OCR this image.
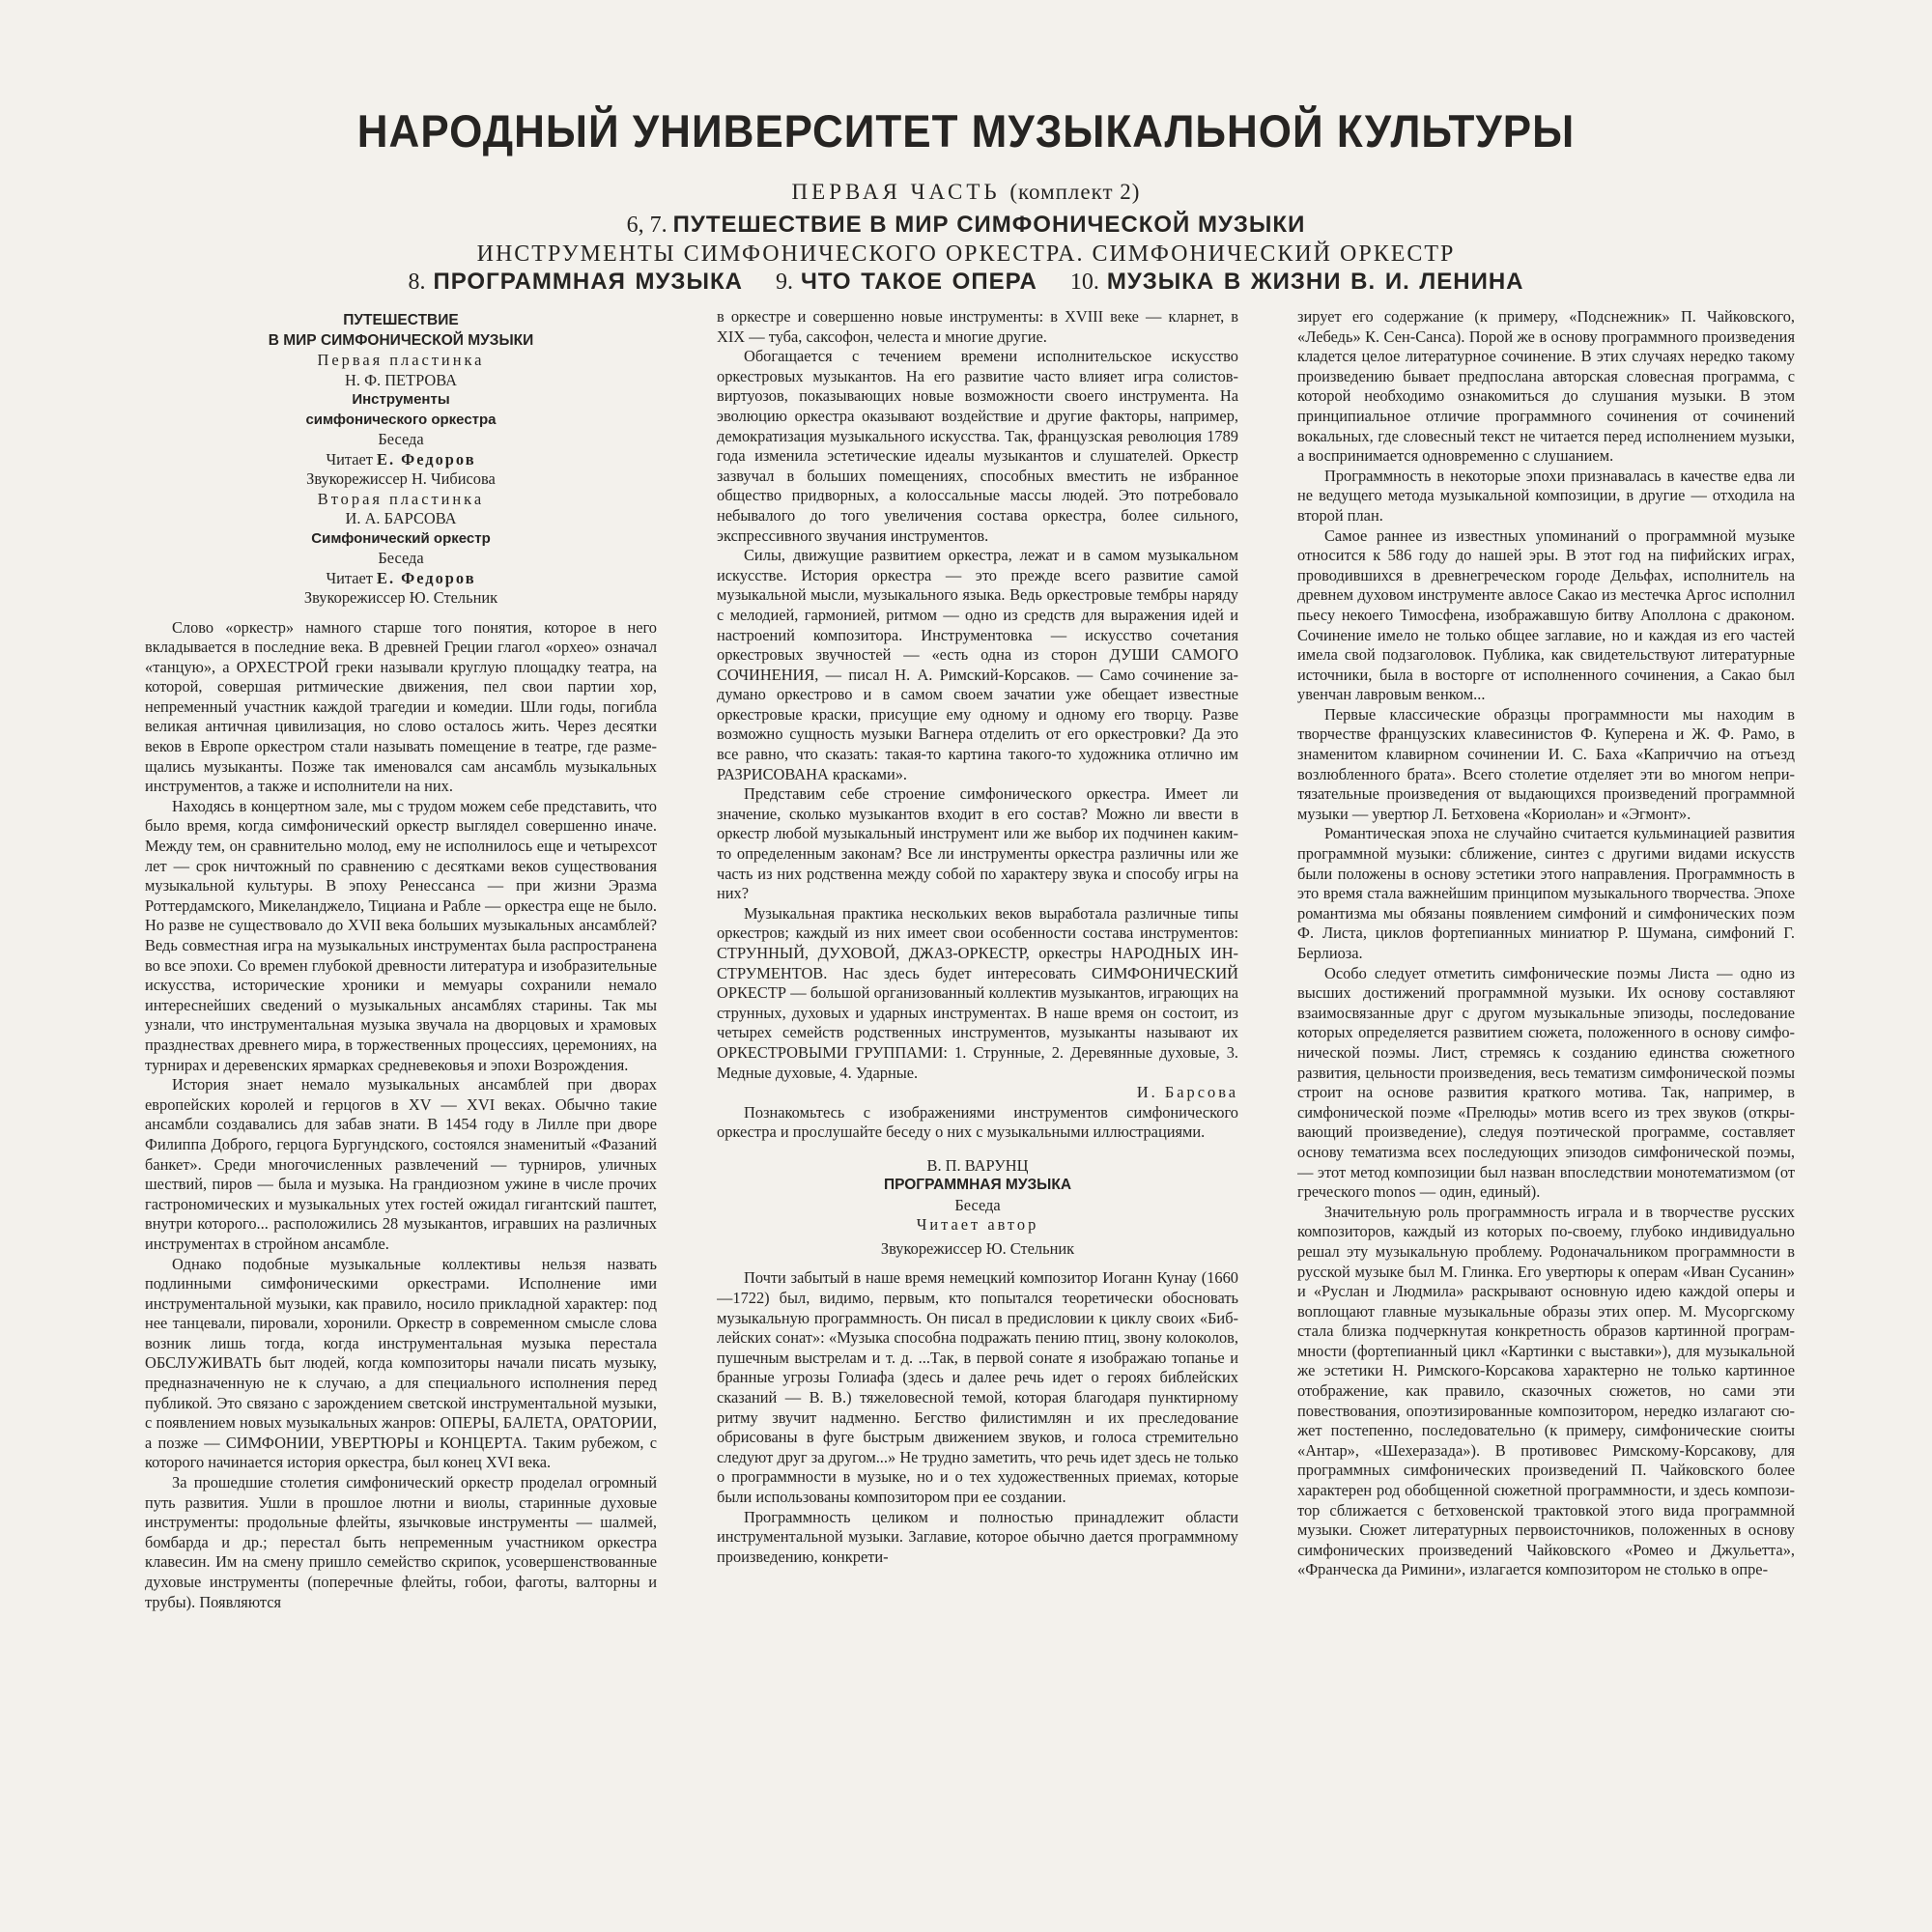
НАРОДНЫЙ УНИВЕРСИТЕТ МУЗЫКАЛЬНОЙ КУЛЬТУРЫ
ПЕРВАЯ ЧАСТЬ (комплект 2)
6, 7. ПУТЕШЕСТВИЕ В МИР СИМФОНИЧЕСКОЙ МУЗЫКИ
ИНСТРУМЕНТЫ СИМФОНИЧЕСКОГО ОРКЕСТРА. СИМФОНИЧЕСКИЙ ОРКЕСТР
8. ПРОГРАММНАЯ МУЗЫКА 9. ЧТО ТАКОЕ ОПЕРА 10. МУЗЫКА В ЖИЗНИ В. И. ЛЕНИНА
ПУТЕШЕСТВИЕ
В МИР СИМФОНИЧЕСКОЙ МУЗЫКИ
Первая пластинка
Н. Ф. ПЕТРОВА
Инструменты
симфонического оркестра
Беседа
Читает Е. Федоров
Звукорежиссер Н. Чибисова
Вторая пластинка
И. А. БАРСОВА
Симфонический оркестр
Беседа
Читает Е. Федоров
Звукорежиссер Ю. Стельник

Слово «оркестр» намного старше того понятия, которое в него вкладывается в последние века. В древней Греции глагол «орхео» означал «танцую», а ОРХЕСТРОЙ греки называли круглую площадку театра, на которой, совершая ритмические движения, пел свои партии хор, непременный участник каждой трагедии и комедии. Шли годы, погибла великая античная цивилизация, но слово осталось жить. Через десятки веков в Европе оркестром стали называть помещение в театре, где размещались музыканты. Позже так именовался сам ансамбль музыкальных инструментов, а также и исполнители на них.

Находясь в концертном зале, мы с трудом можем себе представить, что было время, когда симфонический оркестр выглядел совершенно иначе. Между тем, он сравнительно молод, ему не исполнилось еще и четырехсот лет — срок ничтожный по сравнению с десятками веков существования музыкальной культуры. В эпоху Ренессанса — при жизни Эразма Роттердамского, Микеланджело, Тициана и Рабле — оркестра еще не было. Но разве не существовало до XVII века больших музыкальных ансамблей? Ведь совместная игра на музыкальных инструментах была распространена во все эпохи. Со времен глубокой древности литература и изобразительные искусства, исторические хроники и мемуары сохранили немало интереснейших сведений о музыкальных ансамблях старины. Так мы узнали, что инструментальная музыка звучала на дворцовых и храмовых празднествах древнего мира, в торжественных процессиях, церемониях, на турнирах и деревенских ярмарках средневековья и эпохи Возрождения.

История знает немало музыкальных ансамблей при дворах европейских королей и герцогов в XV — XVI веках. Обычно такие ансамбли создавались для забав знати. В 1454 году в Лилле при дворе Филиппа Доброго, герцога Бургундского, состоялся знаменитый «Фазаний банкет». Среди многочисленных развлечений — турниров, уличных шествий, пиров — была и музыка. На грандиозном ужине в числе прочих гастрономических и музыкальных утех гостей ожидал гигантский паштет, внутри которого... расположились 28 музыкантов, игравших на различных инструментах в стройном ансамбле.

Однако подобные музыкальные коллективы нельзя назвать подлинными симфоническими оркестрами. Исполнение ими инструментальной музыки, как правило, носило прикладной характер: под нее танцевали, пировали, хоронили. Оркестр в современном смысле слова возник лишь тогда, когда инструментальная музыка перестала ОБСЛУЖИВАТЬ быт людей, когда композиторы начали писать музыку, предназначенную не к случаю, а для специального исполнения перед публикой. Это связано с зарождением светской инструментальной музыки, с появлением новых музыкальных жанров: ОПЕРЫ, БАЛЕТА, ОРАТОРИИ, а позже — СИМФОНИИ, УВЕРТЮРЫ и КОНЦЕРТА. Таким рубежом, с которого начинается история оркестра, был конец XVI века.

За прошедшие столетия симфонический оркестр проделал огромный путь развития. Ушли в прошлое лютни и виолы, старинные духовые инструменты: продольные флейты, язычковые инструменты — шалмей, бомбарда и др.; перестал быть непременным участником оркестра клавесин. Им на смену пришло семейство скрипок, усовершенствованные духовые инструменты (поперечные флейты, гобои, фаготы, валторны и трубы). Появляются

в оркестре и совершенно новые инструменты: в XVIII веке — кларнет, в XIX — туба, саксофон, челеста и многие другие.

Обогащается с течением времени исполнительское искусство оркестровых музыкантов. На его развитие часто влияет игра солистов-виртуозов, показывающих новые возможности своего инструмента. На эволюцию оркестра оказывают воздействие и другие факторы, например, демократизация музыкального искусства. Так, французская революция 1789 года изменила эстетические идеалы музыкантов и слушателей. Оркестр зазвучал в больших помещениях, способных вместить не избранное общество придворных, а колоссальные массы людей. Это потребовало небывалого до того увеличения состава оркестра, более сильного, экспрессивного звучания инструментов.

Силы, движущие развитием оркестра, лежат и в самом музыкальном искусстве. История оркестра — это прежде всего развитие самой музыкальной мысли, музыкального языка. Ведь оркестровые тембры наряду с мелодией, гармонией, ритмом — одно из средств для выражения идей и настроений композитора. Инструментовка — искусство сочетания оркестровых звучностей — «есть одна из сторон ДУШИ САМОГО СОЧИНЕНИЯ, — писал Н. А. Римский-Корсаков. — Само сочинение задумано оркестрово и в самом своем зачатии уже обещает известные оркестровые краски, присущие ему одному и одному его творцу. Разве возможно сущность музыки Вагнера отделить от его оркестровки? Да это все равно, что сказать: такая-то картина такого-то художника отлично им РАЗРИСОВАНА красками».

Представим себе строение симфонического оркестра. Имеет ли значение, сколько музыкантов входит в его состав? Можно ли ввести в оркестр любой музыкальный инструмент или же выбор их подчинен каким-то определенным законам? Все ли инструменты оркестра различны или же часть из них родственна между собой по характеру звука и способу игры на них?

Музыкальная практика нескольких веков выработала различные типы оркестров; каждый из них имеет свои особенности состава инструментов: СТРУННЫЙ, ДУХОВОЙ, ДЖАЗ-ОРКЕСТР, оркестры НАРОДНЫХ ИНСТРУМЕНТОВ. Нас здесь будет интересовать СИМФОНИЧЕСКИЙ ОРКЕСТР — большой организованный коллектив музыкантов, играющих на струнных, духовых и ударных инструментах. В наше время он состоит, из четырех семейств родственных инструментов, музыканты называют их ОРКЕСТРОВЫМИ ГРУППАМИ: 1. Струнные, 2. Деревянные духовые, 3. Медные духовые, 4. Ударные.

И. Барсова

Познакомьтесь с изображениями инструментов симфонического оркестра и прослушайте беседу о них с музыкальными иллюстрациями.

В. П. ВАРУНЦ
ПРОГРАММНАЯ МУЗЫКА
Беседа
Читает автор
Звукорежиссер Ю. Стельник

Почти забытый в наше время немецкий композитор Иоганн Кунау (1660—1722) был, видимо, первым, кто попытался теоретически обосновать музыкальную программность. Он писал в предисловии к циклу своих «Библейских сонат»: «Музыка способна подражать пению птиц, звону колоколов, пушечным выстрелам и т. д. ...Так, в первой сонате я изображаю топанье и бранные угрозы Голиафа (здесь и далее речь идет о героях библейских сказаний — В. В.) тяжеловесной темой, которая благодаря пунктирному ритму звучит надменно. Бегство филистимлян и их преследование обрисованы в фуге быстрым движением звуков, и голоса стремительно следуют друг за другом...» Не трудно заметить, что речь идет здесь не только о программности в музыке, но и о тех художественных приемах, которые были использованы композитором при ее создании.

Программность целиком и полностью принадлежит области инструментальной музыки. Заглавие, которое обычно дается программному произведению, конкрети-

зирует его содержание (к примеру, «Подснежник» П. Чайковского, «Лебедь» К. Сен-Санса). Порой же в основу программного произведения кладется целое литературное сочинение. В этих случаях нередко такому произведению бывает предпослана авторская словесная программа, с которой необходимо ознакомиться до слушания музыки. В этом принципиальное отличие программного сочинения от сочинений вокальных, где словесный текст не читается перед исполнением музыки, а воспринимается одновременно с слушанием.

Программность в некоторые эпохи признавалась в качестве едва ли не ведущего метода музыкальной композиции, в другие — отходила на второй план.

Самое раннее из известных упоминаний о программной музыке относится к 586 году до нашей эры. В этот год на пифийских играх, проводившихся в древнегреческом городе Дельфах, исполнитель на древнем духовом инструменте авлосе Сакао из местечка Аргос исполнил пьесу некоего Тимосфена, изображавшую битву Аполлона с драконом. Сочинение имело не только общее заглавие, но и каждая из его частей имела свой подзаголовок. Публика, как свидетельствуют литературные источники, была в восторге от исполненного сочинения, а Сакао был увенчан лавровым венком...

Первые классические образцы программности мы находим в творчестве французских клавесинистов Ф. Куперена и Ж. Ф. Рамо, в знаменитом клавирном сочинении И. С. Баха «Каприччио на отъезд возлюбленного брата». Всего столетие отделяет эти во многом непритязательные произведения от выдающихся произведений программной музыки — увертюр Л. Бетховена «Кориолан» и «Эгмонт».

Романтическая эпоха не случайно считается кульминацией развития программной музыки: сближение, синтез с другими видами искусств были положены в основу эстетики этого направления. Программность в это время стала важнейшим принципом музыкального творчества. Эпохе романтизма мы обязаны появлением симфоний и симфонических поэм Ф. Листа, циклов фортепианных миниатюр Р. Шумана, симфоний Г. Берлиоза.

Особо следует отметить симфонические поэмы Листа — одно из высших достижений программной музыки. Их основу составляют взаимосвязанные друг с другом музыкальные эпизоды, последование которых определяется развитием сюжета, положенного в основу симфонической поэмы. Лист, стремясь к созданию единства сюжетного развития, цельности произведения, весь тематизм симфонической поэмы строит на основе развития краткого мотива. Так, например, в симфонической поэме «Прелюды» мотив всего из трех звуков (открывающий произведение), следуя поэтической программе, составляет основу тематизма всех последующих эпизодов симфонической поэмы, — этот метод композиции был назван впоследствии монотематизмом (от греческого monos — один, единый).

Значительную роль программность играла и в творчестве русских композиторов, каждый из которых по-своему, глубоко индивидуально решал эту музыкальную проблему. Родоначальником программности в русской музыке был М. Глинка. Его увертюры к операм «Иван Сусанин» и «Руслан и Людмила» раскрывают основную идею каждой оперы и воплощают главные музыкальные образы этих опер. М. Мусоргскому стала близка подчеркнутая конкретность образов картинной программности (фортепианный цикл «Картинки с выставки»), для музыкальной же эстетики Н. Римского-Корсакова характерно не только картинное отображение, как правило, сказочных сюжетов, но сами эти повествования, опоэтизированные композитором, нередко излагают сюжет постепенно, последовательно (к примеру, симфонические сюиты «Антар», «Шехеразада»). В противовес Римскому-Корсакову, для программных симфонических произведений П. Чайковского более характерен род обобщенной сюжетной программности, и здесь композитор сближается с бетховенской трактовкой этого вида программной музыки. Сюжет литературных первоисточников, положенных в основу симфонических произведений Чайковского «Ромео и Джульетта», «Франческа да Римини», излагается композитором не столько в опре-
